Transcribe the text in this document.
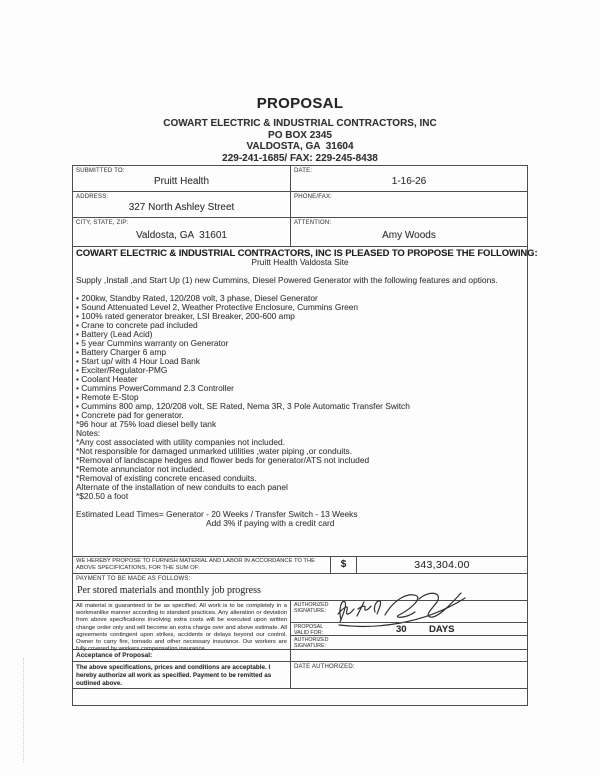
PROPOSAL
COWART ELECTRIC & INDUSTRIAL CONTRACTORS, INC
PO BOX 2345
VALDOSTA, GA  31604
229-241-1685/ FAX: 229-245-8438
SUBMITTED TO:
Pruitt Health
DATE:
1-16-26
ADDRESS:
327 North Ashley Street
PHONE/FAX:
CITY, STATE, ZIP:
Valdosta, GA  31601
ATTENTION:
Amy Woods
COWART ELECTRIC & INDUSTRIAL CONTRACTORS, INC IS PLEASED TO PROPOSE THE FOLLOWING:
Pruitt Health Valdosta Site
Supply ,Install ,and Start Up (1) new Cummins, Diesel Powered Generator with the following features and options.
• 200kw, Standby Rated, 120/208 volt, 3 phase, Diesel Generator
• Sound Attenuated Level 2, Weather Protective Enclosure, Cummins Green
• 100% rated generator breaker, LSI Breaker, 200-600 amp
• Crane to concrete pad included
• Battery (Lead Acid)
• 5 year Cummins warranty on Generator
• Battery Charger 6 amp
• Start up/ with 4 Hour Load Bank
• Exciter/Regulator-PMG
• Coolant Heater
• Cummins PowerCommand 2.3 Controller
• Remote E-Stop
• Cummins 800 amp, 120/208 volt, SE Rated, Nema 3R, 3 Pole Automatic Transfer Switch
• Concrete pad for generator.
*96 hour at 75% load diesel belly tank
Notes:
*Any cost associated with utility companies not included.
*Not responsible for damaged unmarked utilities ,water piping ,or conduits.
*Removal of landscape hedges and flower beds for generator/ATS not included
*Remote annunciator not included.
*Removal of existing concrete encased conduits.
Alternate of the installation of new conduits to each panel
*$20.50 a foot
Estimated Lead Times= Generator - 20 Weeks / Transfer Switch - 13 Weeks
Add 3% if paying with a credit card
WE HEREBY PROPOSE TO FURNISH MATERIAL AND LABOR IN ACCORDANCE TO THE ABOVE SPECIFICATIONS, FOR THE SUM OF:	$	343,304.00
PAYMENT TO BE MADE AS FOLLOWS:
Per stored materials and monthly job progress
All material is guaranteed to be as specified. All work is to be completely in a workmanlike manner according to standard practices. Any alteration or deviation from above specifications involving extra costs will be executed upon written change order only and will become an extra charge over and above estimate. All agreements contingent upon strikes, accidents or delays beyond our control. Owner to carry fire, tornado and other necessary insurance. Our workers are fully covered by workers compensation insurance.
AUTHORIZED
SIGNATURE:
PROPOSAL
VALID FOR:	30 DAYS
AUTHORIZED
SIGNATURE:
Acceptance of Proposal:
The above specifications, prices and conditions are acceptable. I hereby authorize all work as specified. Payment to be remitted as outlined above.
DATE AUTHORIZED:
